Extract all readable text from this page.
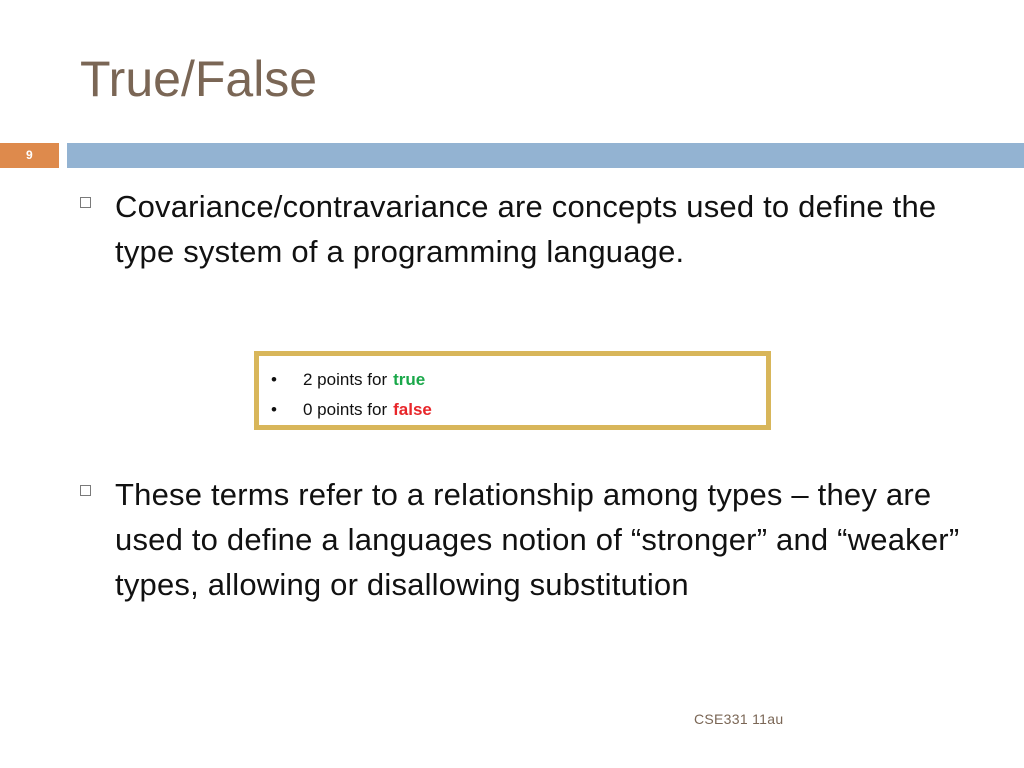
True/False
9
Covariance/contravariance are concepts used to define the type system of a programming language.
•	2 points for true
•	0 points for false
These terms refer to a relationship among types – they are used to define a languages notion of “stronger” and “weaker” types, allowing or disallowing substitution
CSE331 11au
